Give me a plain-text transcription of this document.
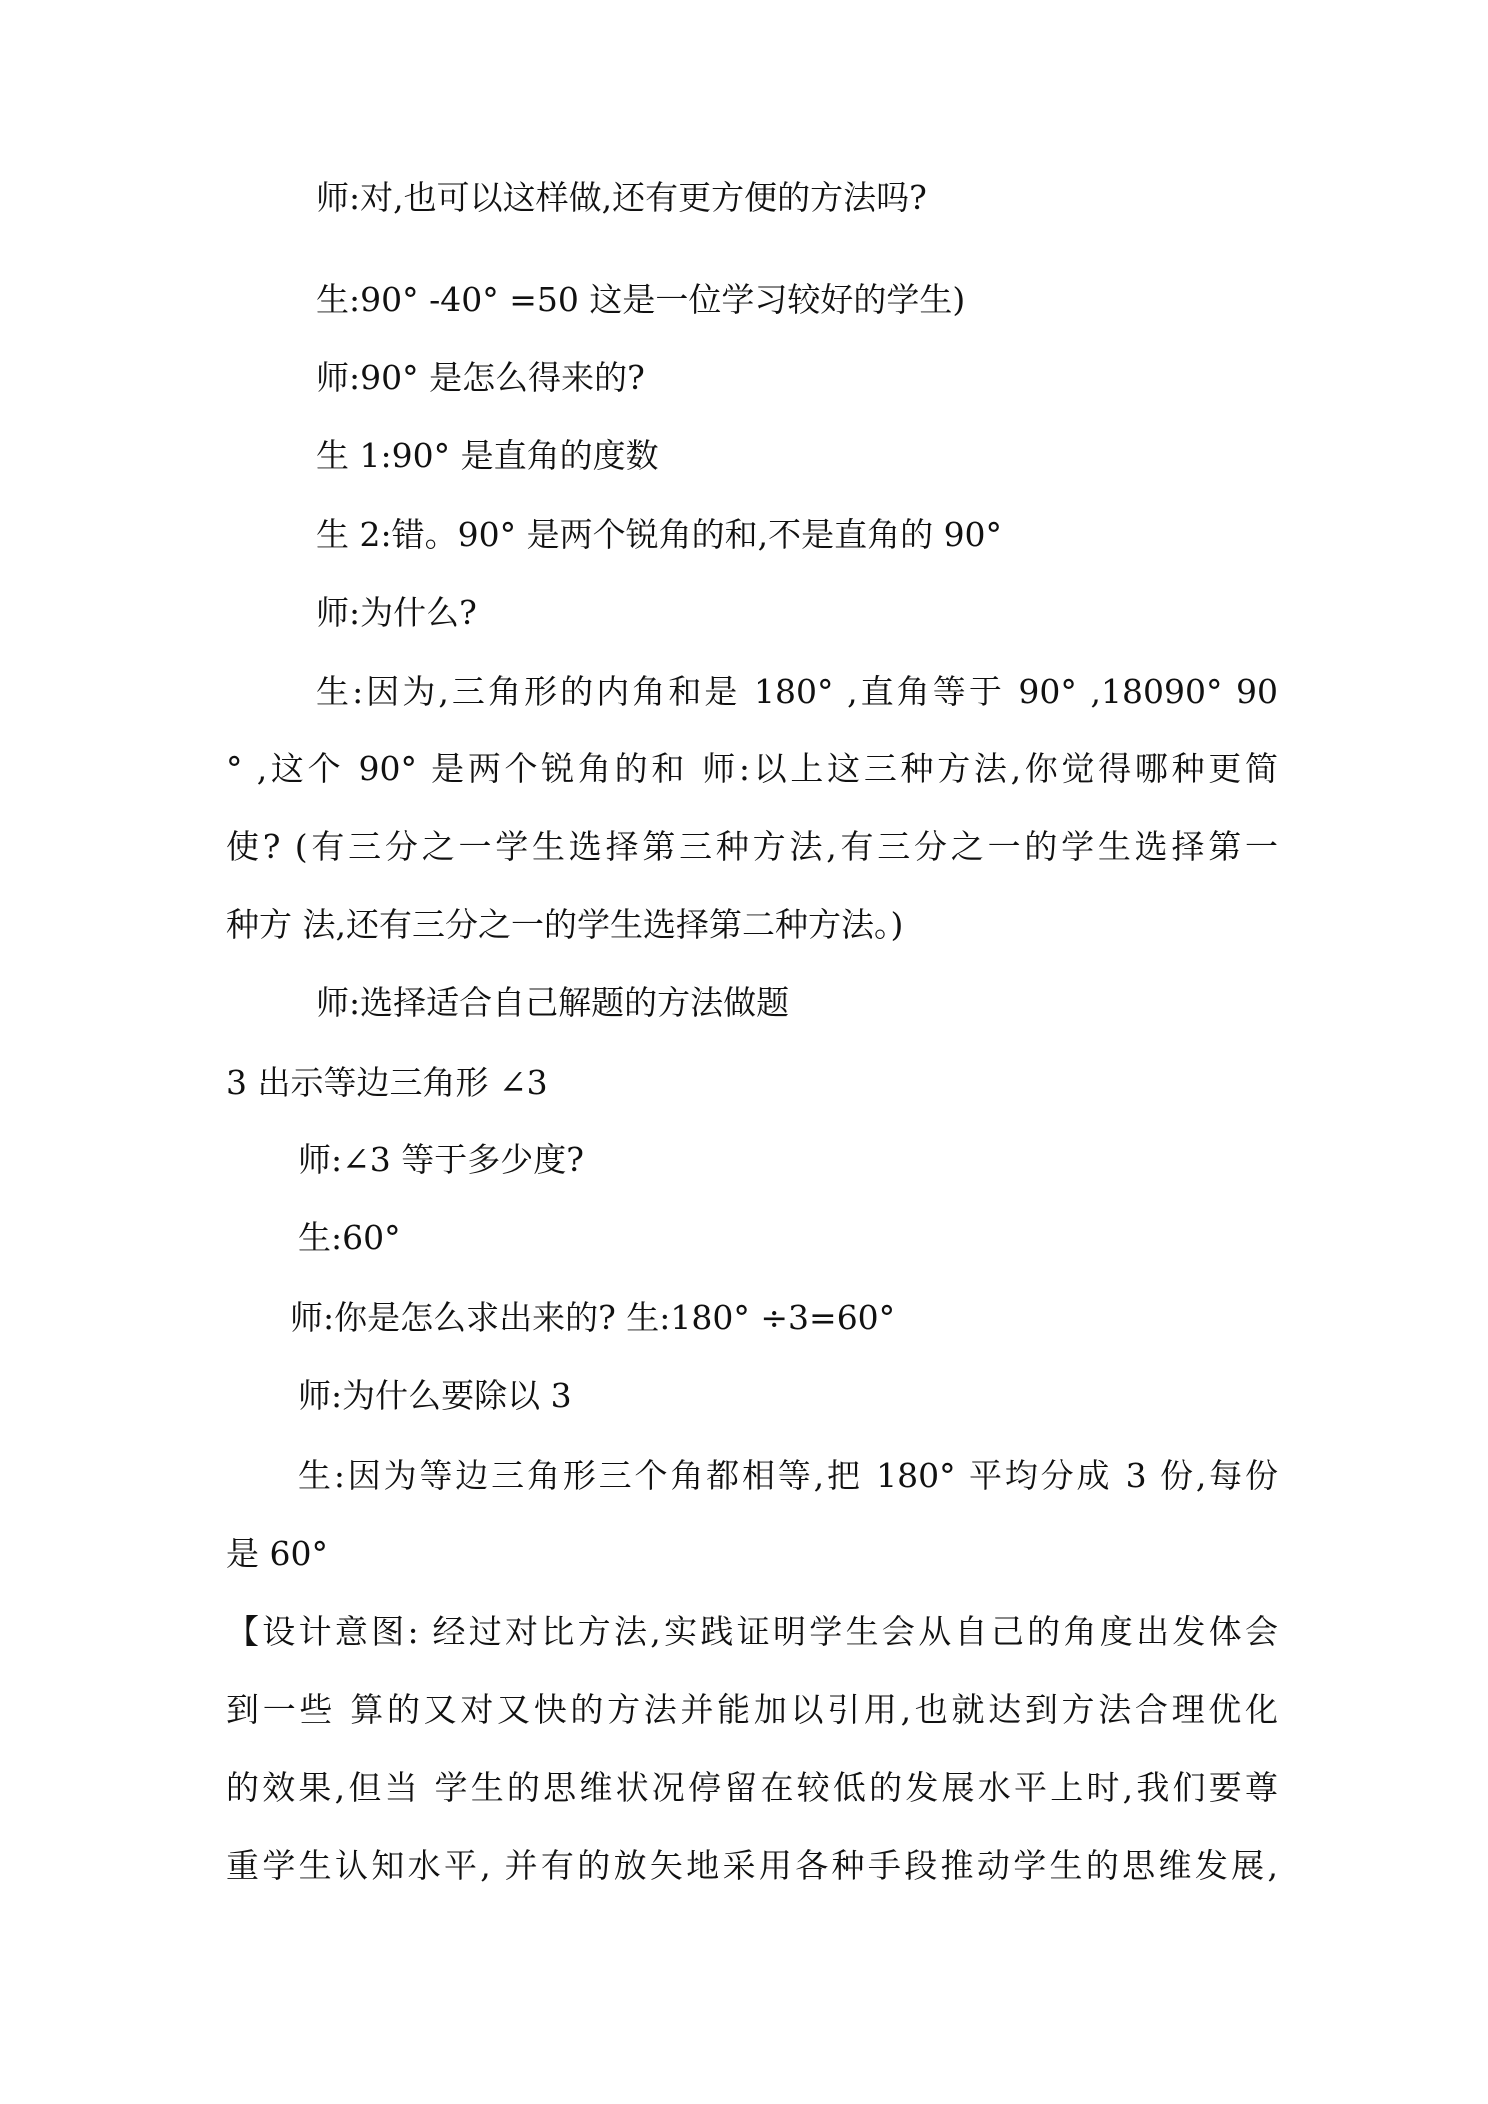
师:对,也可以这样做,还有更方便的方法吗?

生:90° -40° =50 这是一位学习较好的学生)

师:90° 是怎么得来的?

生 1:90° 是直角的度数

生 2:错。90° 是两个锐角的和,不是直角的 90°

师:为什么?

生:因为,三角形的内角和是 180° ,直角等于 90° ,18090° 90

° ,这个 90° 是两个锐角的和 师:以上这三种方法,你觉得哪种更简

使? (有三分之一学生选择第三种方法,有三分之一的学生选择第一

种方 法,还有三分之一的学生选择第二种方法。)

师:选择适合自己解题的方法做题

3 出示等边三角形 ∠3

师:∠3 等于多少度?

生:60°

师:你是怎么求出来的? 生:180° ÷3=60°

师:为什么要除以 3

生:因为等边三角形三个角都相等,把 180° 平均分成 3 份,每份

是 60°

【设计意图: 经过对比方法,实践证明学生会从自己的角度出发体会

到一些 算的又对又快的方法并能加以引用,也就达到方法合理优化

的效果,但当 学生的思维状况停留在较低的发展水平上时,我们要尊

重学生认知水平, 并有的放矢地采用各种手段推动学生的思维发展,
